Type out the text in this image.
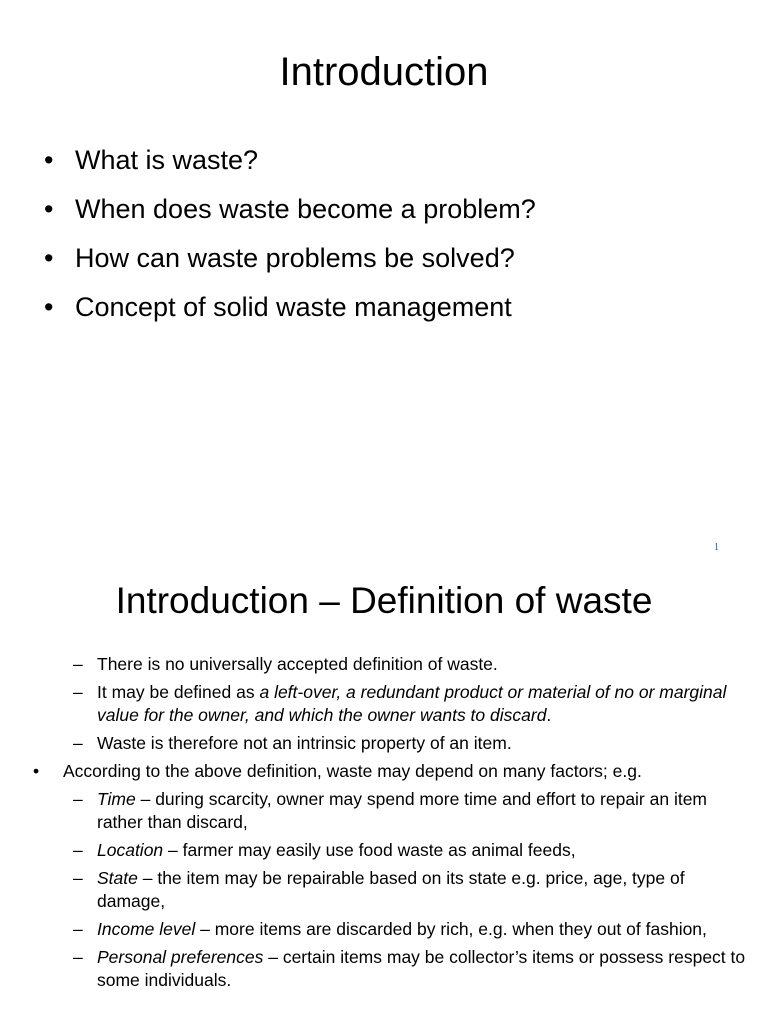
Introduction
• What is waste?
• When does waste become a problem?
• How can waste problems be solved?
• Concept of solid waste management
1
Introduction – Definition of waste
– There is no universally accepted definition of waste.
– It may be defined as a left-over, a redundant product or material of no or marginal value for the owner, and which the owner wants to discard.
– Waste is therefore not an intrinsic property of an item.
• According to the above definition, waste may depend on many factors; e.g.
– Time – during scarcity, owner may spend more time and effort to repair an item rather than discard,
– Location – farmer may easily use food waste as animal feeds,
– State – the item may be repairable based on its state e.g. price, age, type of damage,
– Income level – more items are discarded by rich, e.g. when they out of fashion,
– Personal preferences – certain items may be collector’s items or possess respect to some individuals.
